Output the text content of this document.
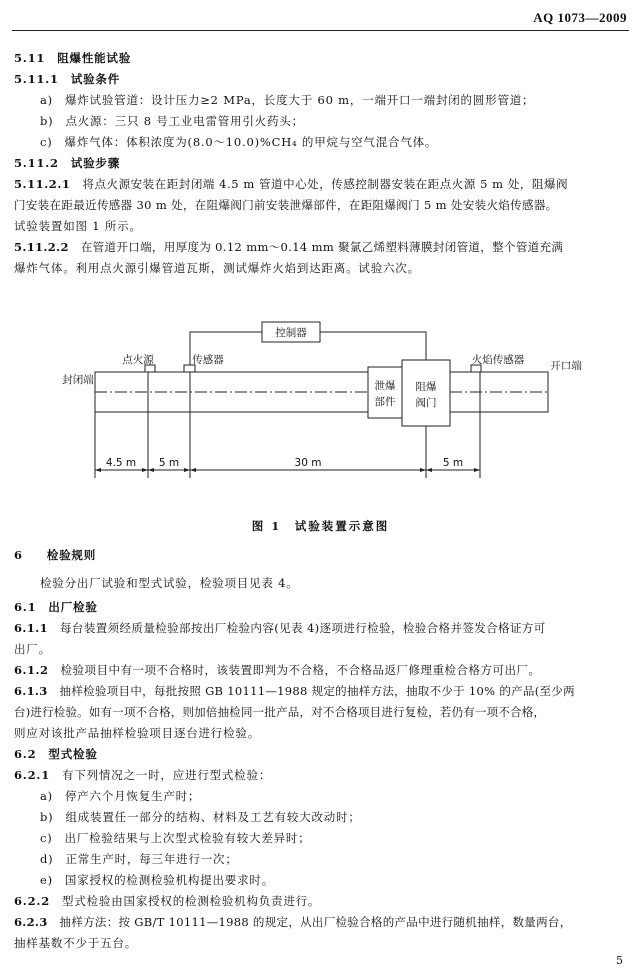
AQ 1073—2009
5.11 阻爆性能试验
5.11.1 试验条件
a) 爆炸试验管道：设计压力≥2 MPa，长度大于 60 m，一端开口一端封闭的圆形管道；
b) 点火源：三只 8 号工业电雷管用引火药头；
c) 爆炸气体：体积浓度为(8.0～10.0)%CH₄ 的甲烷与空气混合气体。
5.11.2 试验步骤
5.11.2.1 将点火源安装在距封闭端 4.5 m 管道中心处，传感控制器安装在距点火源 5 m 处，阻爆阀
门安装在距最近传感器 30 m 处，在阻爆阀门前安装泄爆部件，在距阻爆阀门 5 m 处安装火焰传感器。
试验装置如图 1 所示。
5.11.2.2 在管道开口端，用厚度为 0.12 mm～0.14 mm 聚氯乙烯塑料薄膜封闭管道，整个管道充满
爆炸气体。利用点火源引爆管道瓦斯，测试爆炸火焰到达距离。试验六次。
控制器
点火源	传感器	火焰传感器
封闭端
开口端
泄爆
部件
阻爆
阀门
4.5 m 5 m	30 m	5 m
图 1　试验装置示意图
6 检验规则
检验分出厂试验和型式试验，检验项目见表 4。
6.1 出厂检验
6.1.1 每台装置须经质量检验部按出厂检验内容(见表 4)逐项进行检验，检验合格并签发合格证方可
出厂。
6.1.2 检验项目中有一项不合格时，该装置即判为不合格，不合格品返厂修理重检合格方可出厂。
6.1.3 抽样检验项目中，每批按照 GB 10111—1988 规定的抽样方法，抽取不少于 10% 的产品(至少两
台)进行检验。如有一项不合格，则加倍抽检同一批产品，对不合格项目进行复检，若仍有一项不合格，
则应对该批产品抽样检验项目逐台进行检验。
6.2 型式检验
6.2.1 有下列情况之一时，应进行型式检验：
a) 停产六个月恢复生产时；
b) 组成装置任一部分的结构、材料及工艺有较大改动时；
c) 出厂检验结果与上次型式检验有较大差异时；
d) 正常生产时，每三年进行一次；
e) 国家授权的检测检验机构提出要求时。
6.2.2 型式检验由国家授权的检测检验机构负责进行。
6.2.3 抽样方法：按 GB/T 10111—1988 的规定，从出厂检验合格的产品中进行随机抽样，数量两台，
抽样基数不少于五台。
5
